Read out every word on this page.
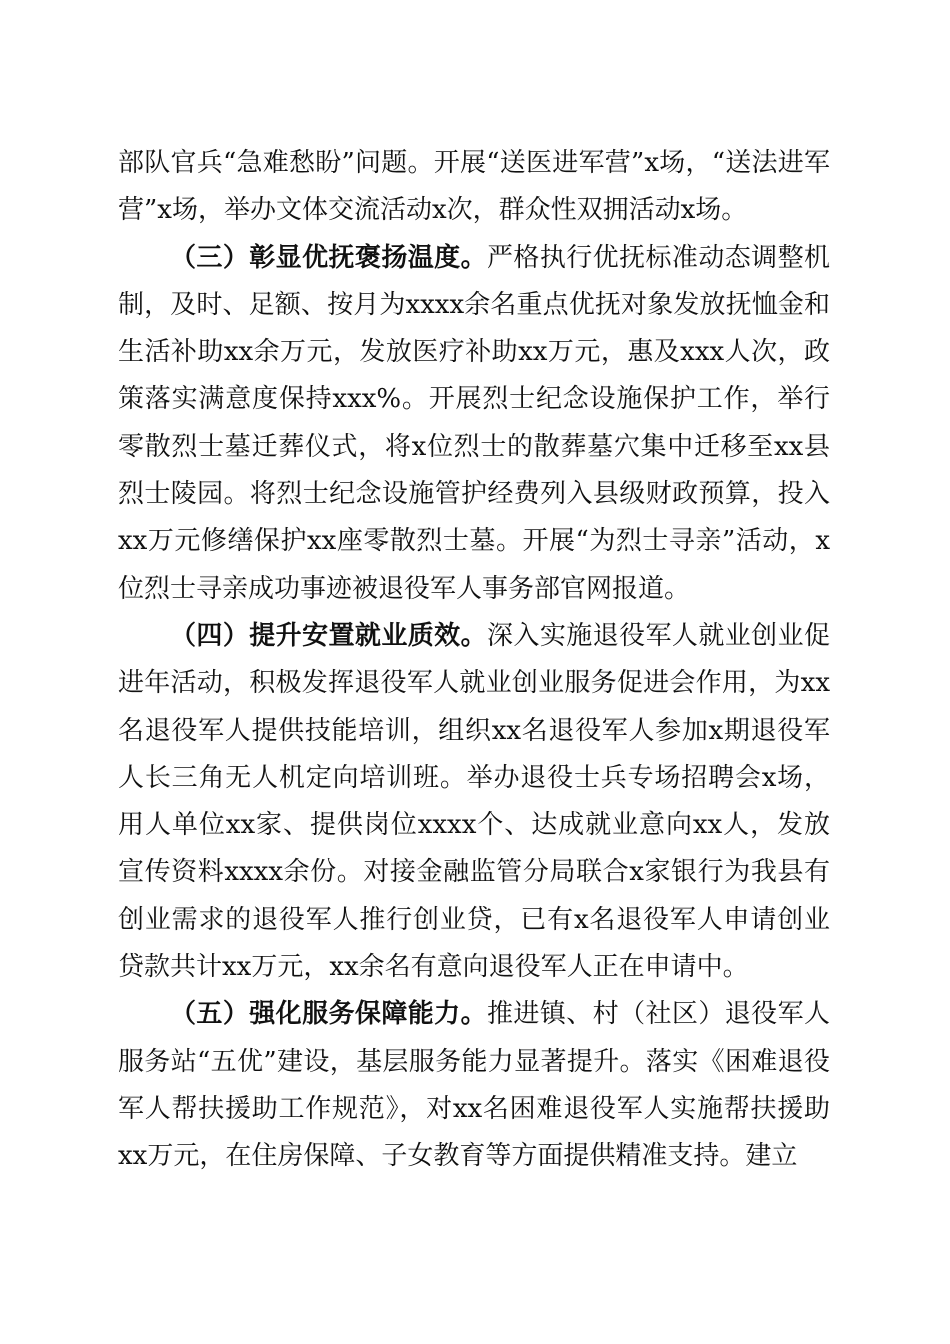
部队官兵“急难愁盼”问题。开展“送医进军营”x场，“送法进军营”x场，举办文体交流活动x次，群众性双拥活动x场。

（三）彰显优抚褒扬温度。严格执行优抚标准动态调整机制，及时、足额、按月为xxxx余名重点优抚对象发放抚恤金和生活补助xx余万元，发放医疗补助xx万元，惠及xxx人次，政策落实满意度保持xxx%。开展烈士纪念设施保护工作，举行零散烈士墓迁葬仪式，将x位烈士的散葬墓穴集中迁移至xx县烈士陵园。将烈士纪念设施管护经费列入县级财政预算，投入xx万元修缮保护xx座零散烈士墓。开展“为烈士寻亲”活动，x位烈士寻亲成功事迹被退役军人事务部官网报道。

（四）提升安置就业质效。深入实施退役军人就业创业促进年活动，积极发挥退役军人就业创业服务促进会作用，为xx名退役军人提供技能培训，组织xx名退役军人参加x期退役军人长三角无人机定向培训班。举办退役士兵专场招聘会x场，用人单位xx家、提供岗位xxxx个、达成就业意向xx人，发放宣传资料xxxx余份。对接金融监管分局联合x家银行为我县有创业需求的退役军人推行创业贷，已有x名退役军人申请创业贷款共计xx万元，xx余名有意向退役军人正在申请中。

（五）强化服务保障能力。推进镇、村（社区）退役军人服务站“五优”建设，基层服务能力显著提升。落实《困难退役军人帮扶援助工作规范》，对xx名困难退役军人实施帮扶援助xx万元，在住房保障、子女教育等方面提供精准支持。建立
